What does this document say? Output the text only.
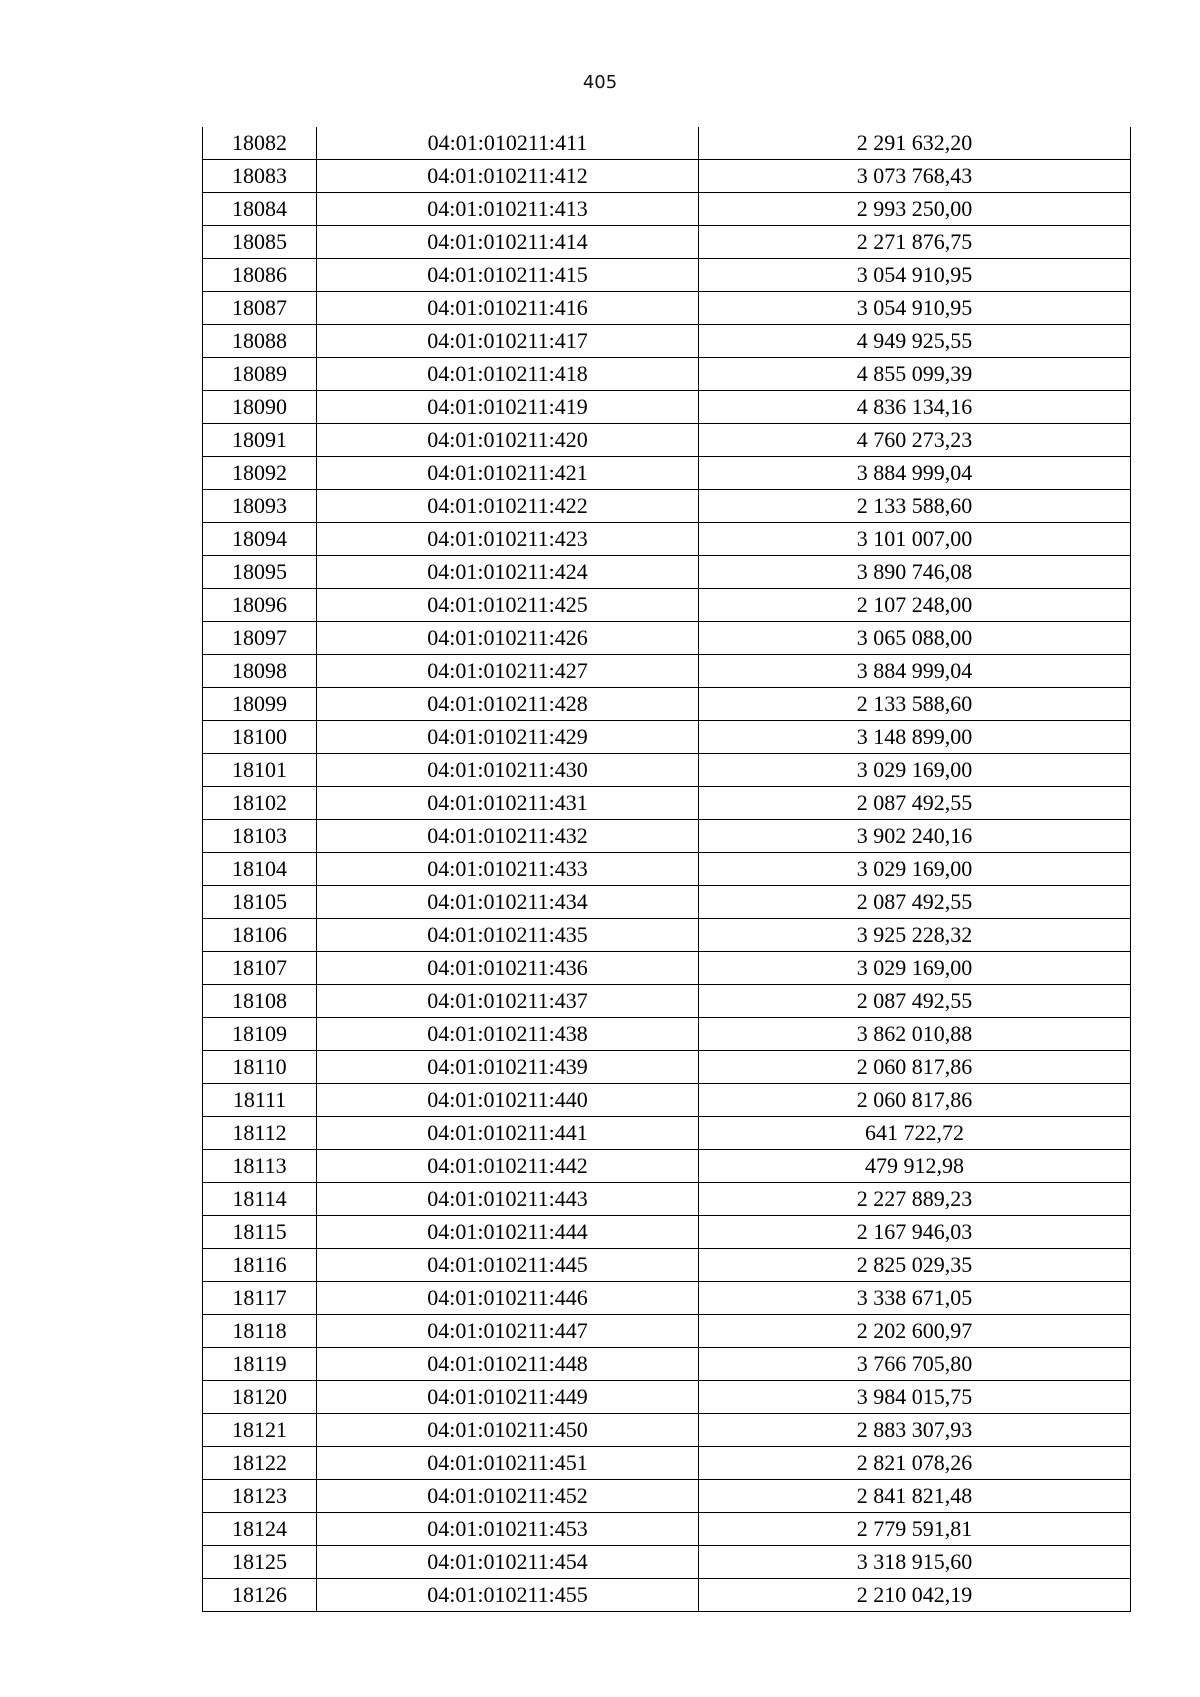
405
18082	04:01:010211:411	2 291 632,20
18083	04:01:010211:412	3 073 768,43
18084	04:01:010211:413	2 993 250,00
18085	04:01:010211:414	2 271 876,75
18086	04:01:010211:415	3 054 910,95
18087	04:01:010211:416	3 054 910,95
18088	04:01:010211:417	4 949 925,55
18089	04:01:010211:418	4 855 099,39
18090	04:01:010211:419	4 836 134,16
18091	04:01:010211:420	4 760 273,23
18092	04:01:010211:421	3 884 999,04
18093	04:01:010211:422	2 133 588,60
18094	04:01:010211:423	3 101 007,00
18095	04:01:010211:424	3 890 746,08
18096	04:01:010211:425	2 107 248,00
18097	04:01:010211:426	3 065 088,00
18098	04:01:010211:427	3 884 999,04
18099	04:01:010211:428	2 133 588,60
18100	04:01:010211:429	3 148 899,00
18101	04:01:010211:430	3 029 169,00
18102	04:01:010211:431	2 087 492,55
18103	04:01:010211:432	3 902 240,16
18104	04:01:010211:433	3 029 169,00
18105	04:01:010211:434	2 087 492,55
18106	04:01:010211:435	3 925 228,32
18107	04:01:010211:436	3 029 169,00
18108	04:01:010211:437	2 087 492,55
18109	04:01:010211:438	3 862 010,88
18110	04:01:010211:439	2 060 817,86
18111	04:01:010211:440	2 060 817,86
18112	04:01:010211:441	641 722,72
18113	04:01:010211:442	479 912,98
18114	04:01:010211:443	2 227 889,23
18115	04:01:010211:444	2 167 946,03
18116	04:01:010211:445	2 825 029,35
18117	04:01:010211:446	3 338 671,05
18118	04:01:010211:447	2 202 600,97
18119	04:01:010211:448	3 766 705,80
18120	04:01:010211:449	3 984 015,75
18121	04:01:010211:450	2 883 307,93
18122	04:01:010211:451	2 821 078,26
18123	04:01:010211:452	2 841 821,48
18124	04:01:010211:453	2 779 591,81
18125	04:01:010211:454	3 318 915,60
18126	04:01:010211:455	2 210 042,19
